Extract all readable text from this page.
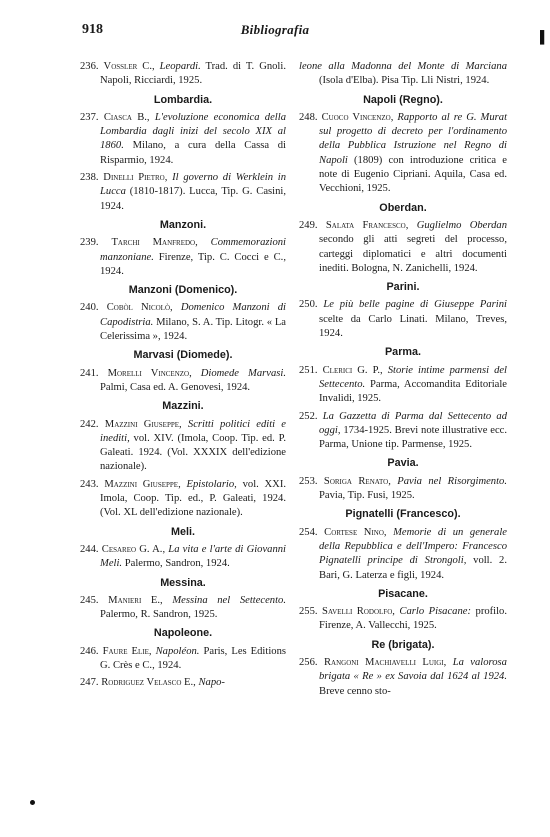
918	Bibliografia
236. Vossler C., Leopardi. Trad. di T. Gnoli. Napoli, Ricciardi, 1925.
Lombardia.
237. Ciasca B., L'evoluzione economica della Lombardia dagli inizi del secolo XIX al 1860. Milano, a cura della Cassa di Risparmio, 1924.
238. Dinelli Pietro, Il governo di Werklein in Lucca (1810-1817). Lucca, Tip. G. Casini, 1924.
Manzoni.
239. Tarchi Manfredo, Commemorazioni manzoniane. Firenze, Tip. C. Cocci e C., 1924.
Manzoni (Domenico).
240. Cobòl Nicolò, Domenico Manzoni di Capodistria. Milano, S. A. Tip. Litogr. « La Celerissima », 1924.
Marvasi (Diomede).
241. Morelli Vincenzo, Diomede Marvasi. Palmi, Casa ed. A. Genovesi, 1924.
Mazzini.
242. Mazzini Giuseppe, Scritti politici editi e inediti, vol. XIV. (Imola, Coop. Tip. ed. P. Galeati. 1924. (Vol. XXXIX dell'edizione nazionale).
243. Mazzini Giuseppe, Epistolario, vol. XXI. Imola, Coop. Tip. ed., P. Galeati, 1924. (Vol. XL dell'edizione nazionale).
Meli.
244. Cesareo G. A., La vita e l'arte di Giovanni Meli. Palermo, Sandron, 1924.
Messina.
245. Manieri E., Messina nel Settecento. Palermo, R. Sandron, 1925.
Napoleone.
246. Faure Elie, Napoléon. Paris, Les Editions G. Crès e C., 1924.
247. Rodriguez Velasco E., Napo-
leone alla Madonna del Monte di Marciana (Isola d'Elba). Pisa Tip. Lli Nistri, 1924.
Napoli (Regno).
248. Cuoco Vincenzo, Rapporto al re G. Murat sul progetto di decreto per l'ordinamento della Pubblica Istruzione nel Regno di Napoli (1809) con introduzione critica e note di Eugenio Cipriani. Aquila, Casa ed. Vecchioni, 1925.
Oberdan.
249. Salata Francesco, Guglielmo Oberdan secondo gli atti segreti del processo, carteggi diplomatici e altri documenti inediti. Bologna, N. Zanichelli, 1924.
Parini.
250. Le più belle pagine di Giuseppe Parini scelte da Carlo Linati. Milano, Treves, 1924.
Parma.
251. Clerici G. P., Storie intime parmensi del Settecento. Parma, Accomandita Editoriale Invalidi, 1925.
252. La Gazzetta di Parma dal Settecento ad oggi, 1734-1925. Brevi note illustrative ecc. Parma, Unione tip. Parmense, 1925.
Pavia.
253. Soriga Renato, Pavia nel Risorgimento. Pavia, Tip. Fusi, 1925.
Pignatelli (Francesco).
254. Cortese Nino, Memorie di un generale della Repubblica e dell'Impero: Francesco Pignatelli principe di Strongoli, voll. 2. Bari, G. Laterza e figli, 1924.
Pisacane.
255. Savelli Rodolfo, Carlo Pisacane: profilo. Firenze, A. Vallecchi, 1925.
Re (brigata).
256. Rangoni Machiavelli Luigi, La valorosa brigata « Re » ex Savoia dal 1624 al 1924. Breve cenno sto-
▌
